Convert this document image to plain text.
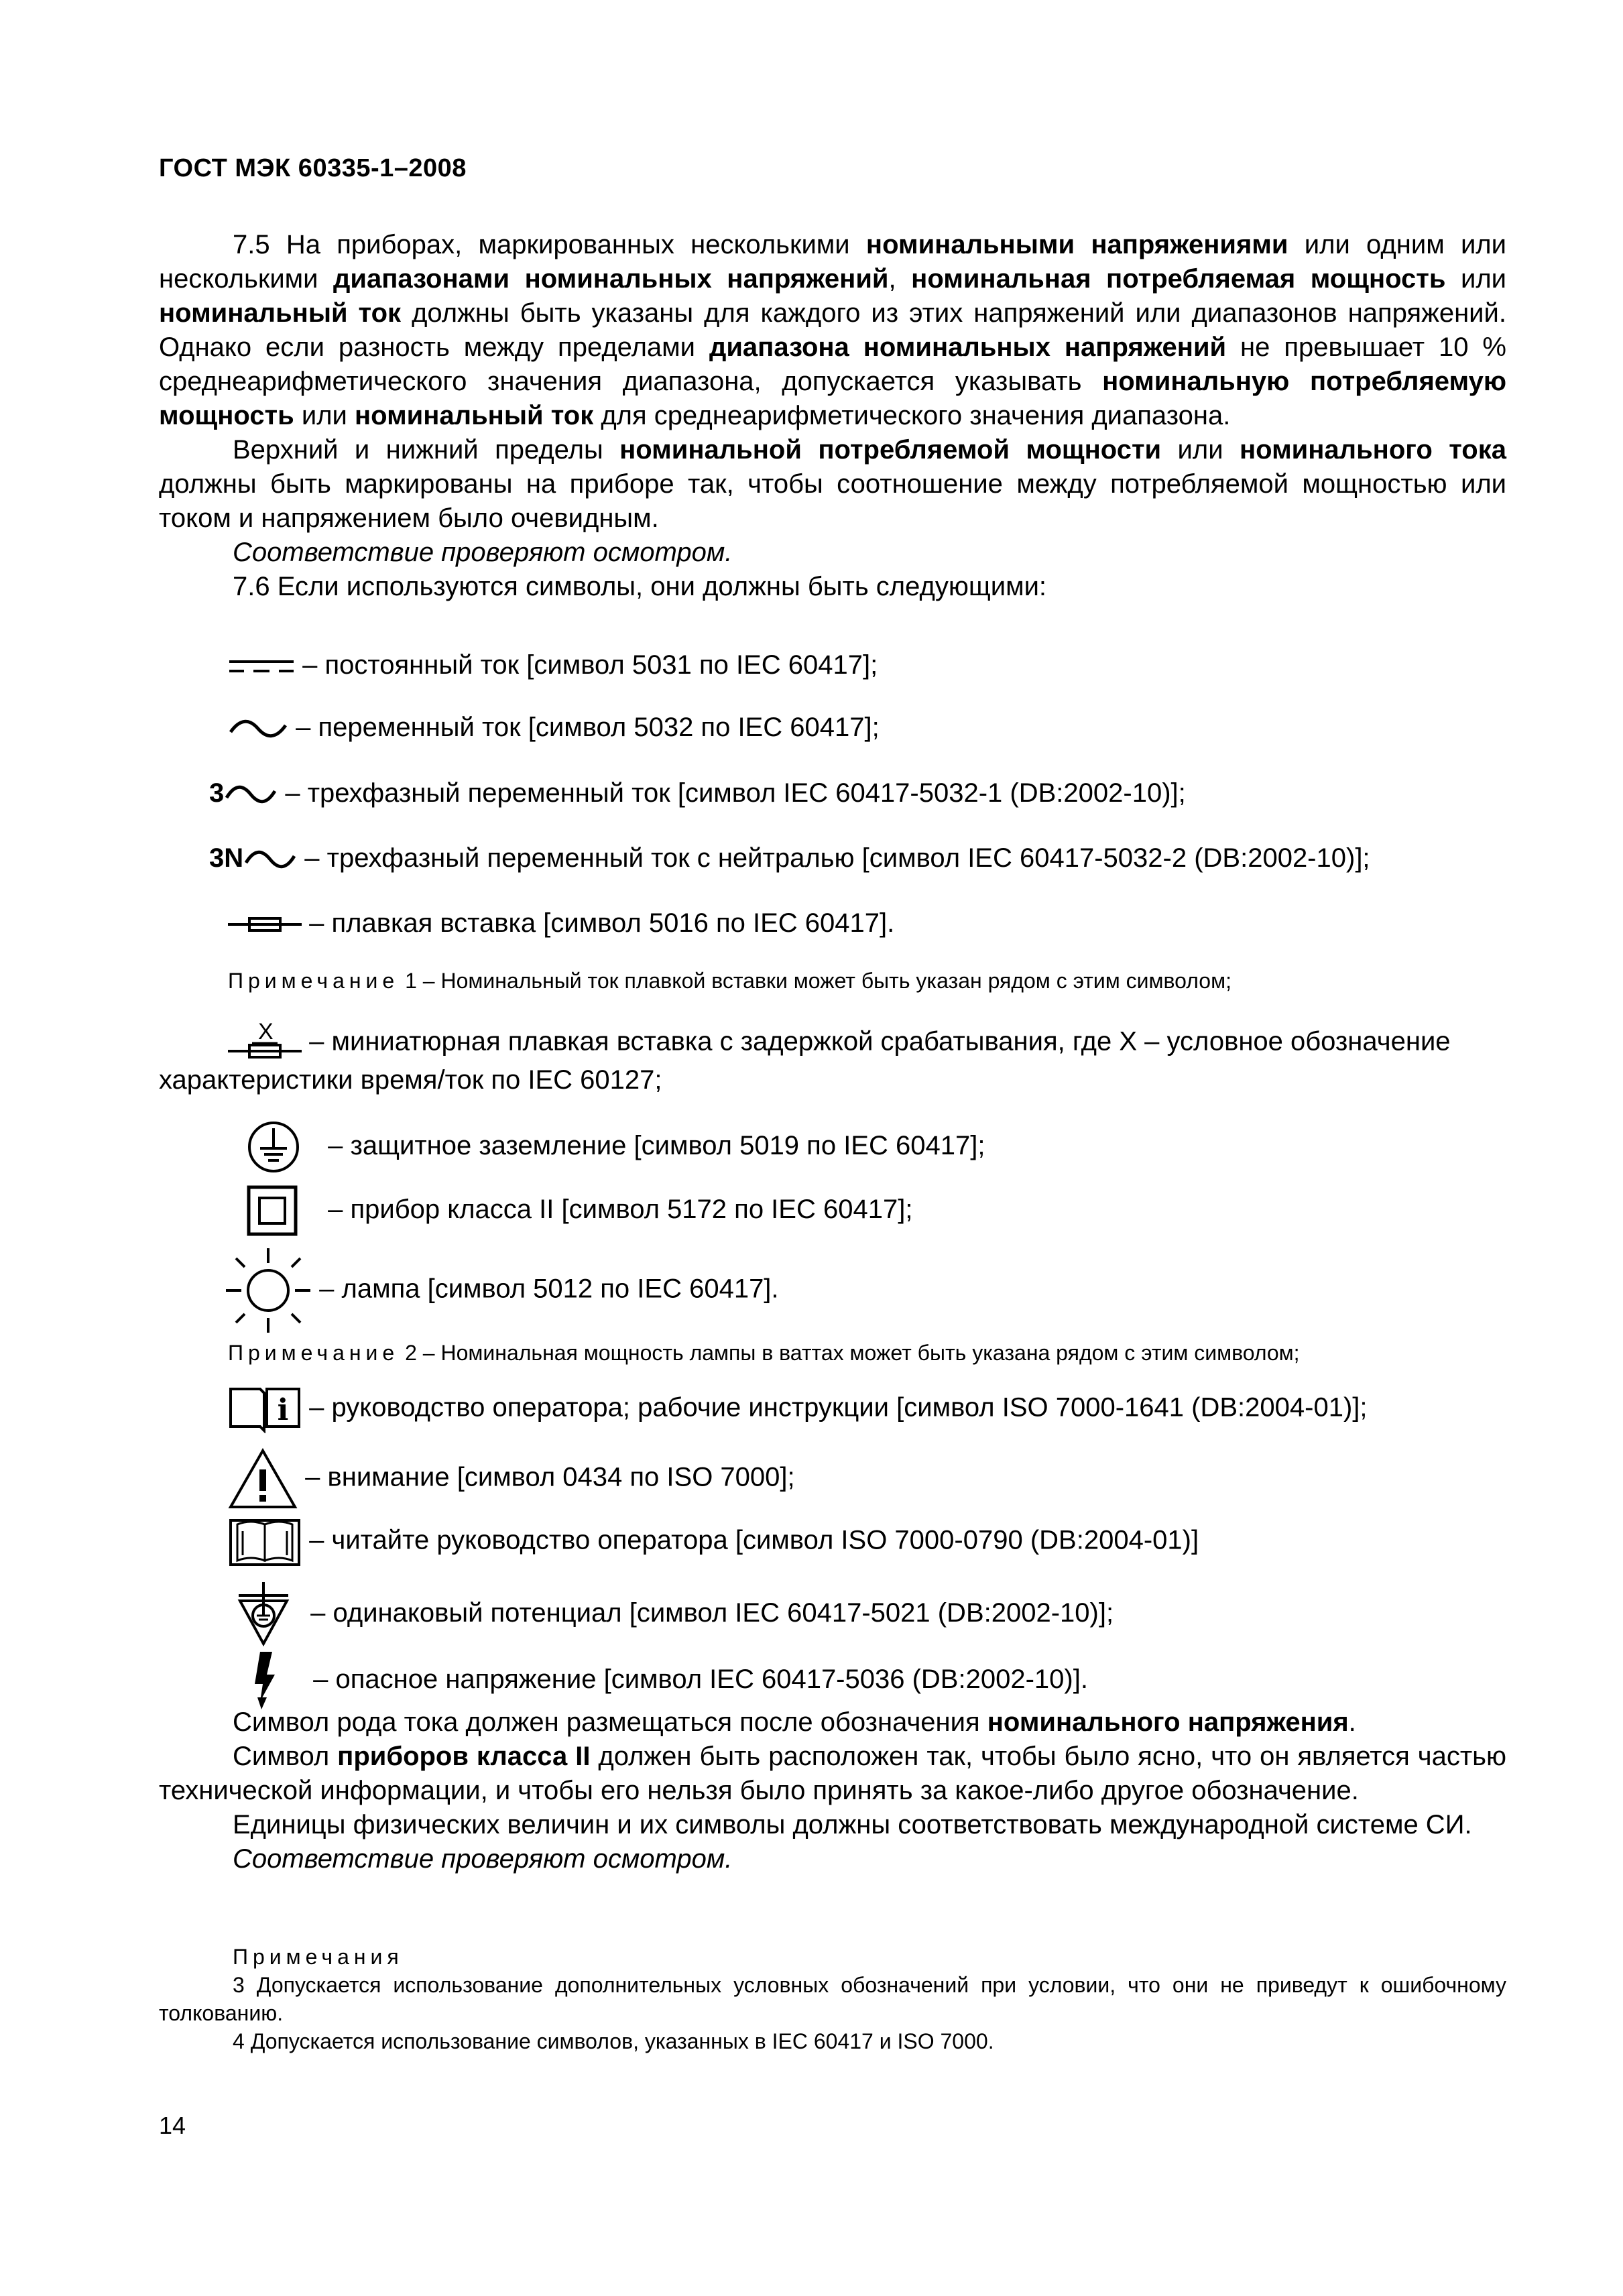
ГОСТ МЭК 60335-1–2008

7.5 На приборах, маркированных несколькими номинальными напряжениями или одним или несколькими диапазонами номинальных напряжений, номинальная потребляемая мощность или номинальный ток должны быть указаны для каждого из этих напряжений или диапазонов напряжений. Однако если разность между пределами диапазона номинальных напряжений не превышает 10 % среднеарифметического значения диапазона, допускается указывать номинальную потребляемую мощность или номинальный ток для среднеарифметического значения диапазона.

Верхний и нижний пределы номинальной потребляемой мощности или номинального тока должны быть маркированы на приборе так, чтобы соотношение между потребляемой мощностью или током и напряжением было очевидным.

Соответствие проверяют осмотром.

7.6 Если используются символы, они должны быть следующими:

– постоянный ток [символ 5031 по IEC 60417];
– переменный ток [символ 5032 по IEC 60417];
3 – трехфазный переменный ток [символ IEC 60417-5032-1 (DB:2002-10)];
3N – трехфазный переменный ток с нейтралью [символ IEC 60417-5032-2 (DB:2002-10)];
– плавкая вставка [символ 5016 по IEC 60417].
Примечание 1 – Номинальный ток плавкой вставки может быть указан рядом с этим символом;
X – миниатюрная плавкая вставка с задержкой срабатывания, где X – условное обозначение
характеристики время/ток по IEC 60127;
– защитное заземление [символ 5019 по IEC 60417];
– прибор класса II [символ 5172 по IEC 60417];
– лампа [символ 5012 по IEC 60417].
Примечание 2 – Номинальная мощность лампы в ваттах может быть указана рядом с этим символом;
i – руководство оператора; рабочие инструкции [символ ISO 7000-1641 (DB:2004-01)];
– внимание [символ 0434 по ISO 7000];
– читайте руководство оператора [символ ISO 7000-0790 (DB:2004-01)]
– одинаковый потенциал [символ IEC 60417-5021 (DB:2002-10)];
– опасное напряжение [символ IEC 60417-5036 (DB:2002-10)].

Символ рода тока должен размещаться после обозначения номинального напряжения.

Символ приборов класса II должен быть расположен так, чтобы было ясно, что он является частью технической информации, и чтобы его нельзя было принять за какое-либо другое обозначение.

Единицы физических величин и их символы должны соответствовать международной системе СИ.

Соответствие проверяют осмотром.

Примечания

3 Допускается использование дополнительных условных обозначений при условии, что они не приведут к ошибочному толкованию.

4 Допускается использование символов, указанных в IEC 60417 и ISO 7000.

14
